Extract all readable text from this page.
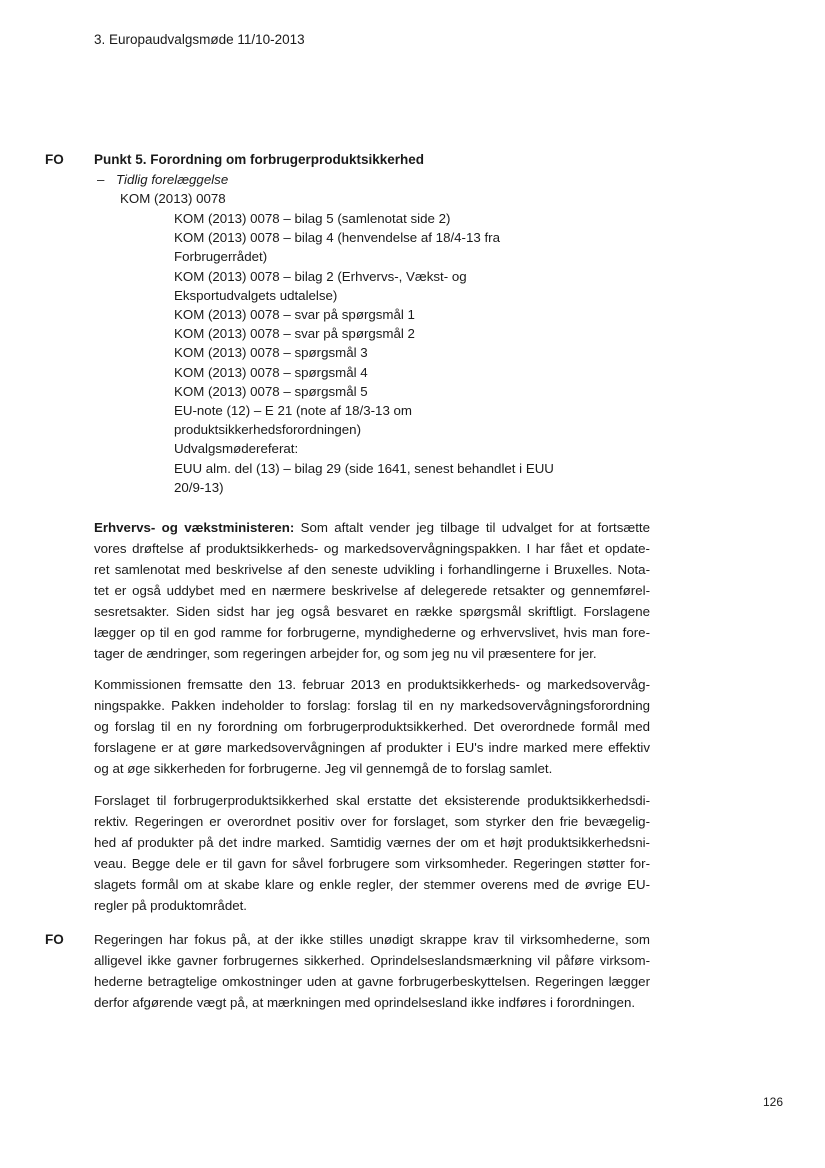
3. Europaudvalgsmøde 11/10-2013
FO Punkt 5. Forordning om forbrugerproduktsikkerhed
– Tidlig forelæggelse
KOM (2013) 0078
KOM (2013) 0078 – bilag 5 (samlenotat side 2)
KOM (2013) 0078 – bilag 4 (henvendelse af 18/4-13 fra
Forbrugerrådet)
KOM (2013) 0078 – bilag 2 (Erhvervs-, Vækst- og
Eksportudvalgets udtalelse)
KOM (2013) 0078 – svar på spørgsmål 1
KOM (2013) 0078 – svar på spørgsmål 2
KOM (2013) 0078 – spørgsmål 3
KOM (2013) 0078 – spørgsmål 4
KOM (2013) 0078 – spørgsmål 5
EU-note (12) – E 21 (note af 18/3-13 om
produktsikkerhedsforordningen)
Udvalgsmødereferat:
EUU alm. del (13) – bilag 29 (side 1641, senest behandlet i EUU
20/9-13)
Erhvervs- og vækstministeren: Som aftalt vender jeg tilbage til udvalget for at fortsætte
vores drøftelse af produktsikkerheds- og markedsovervågningspakken. I har fået et opdate-
ret samlenotat med beskrivelse af den seneste udvikling i forhandlingerne i Bruxelles. Nota-
tet er også uddybet med en nærmere beskrivelse af delegerede retsakter og gennemførel-
sesretsakter. Siden sidst har jeg også besvaret en række spørgsmål skriftligt. Forslagene
lægger op til en god ramme for forbrugerne, myndighederne og erhvervslivet, hvis man fore-
tager de ændringer, som regeringen arbejder for, og som jeg nu vil præsentere for jer.
Kommissionen fremsatte den 13. februar 2013 en produktsikkerheds- og markedsovervåg-
ningspakke. Pakken indeholder to forslag: forslag til en ny markedsovervågningsforordning
og forslag til en ny forordning om forbrugerproduktsikkerhed. Det overordnede formål med
forslagene er at gøre markedsovervågningen af produkter i EU's indre marked mere effektiv
og at øge sikkerheden for forbrugerne. Jeg vil gennemgå de to forslag samlet.
Forslaget til forbrugerproduktsikkerhed skal erstatte det eksisterende produktsikkerhedsdi-
rektiv. Regeringen er overordnet positiv over for forslaget, som styrker den frie bevægelig-
hed af produkter på det indre marked. Samtidig værnes der om et højt produktsikkerhedsni-
veau. Begge dele er til gavn for såvel forbrugere som virksomheder. Regeringen støtter for-
slagets formål om at skabe klare og enkle regler, der stemmer overens med de øvrige EU-
regler på produktområdet.
FO Regeringen har fokus på, at der ikke stilles unødigt skrappe krav til virksomhederne, som
alligevel ikke gavner forbrugernes sikkerhed. Oprindelseslandsmærkning vil påføre virksom-
hederne betragtelige omkostninger uden at gavne forbrugerbeskyttelsen. Regeringen lægger
derfor afgørende vægt på, at mærkningen med oprindelsesland ikke indføres i forordningen.
126
